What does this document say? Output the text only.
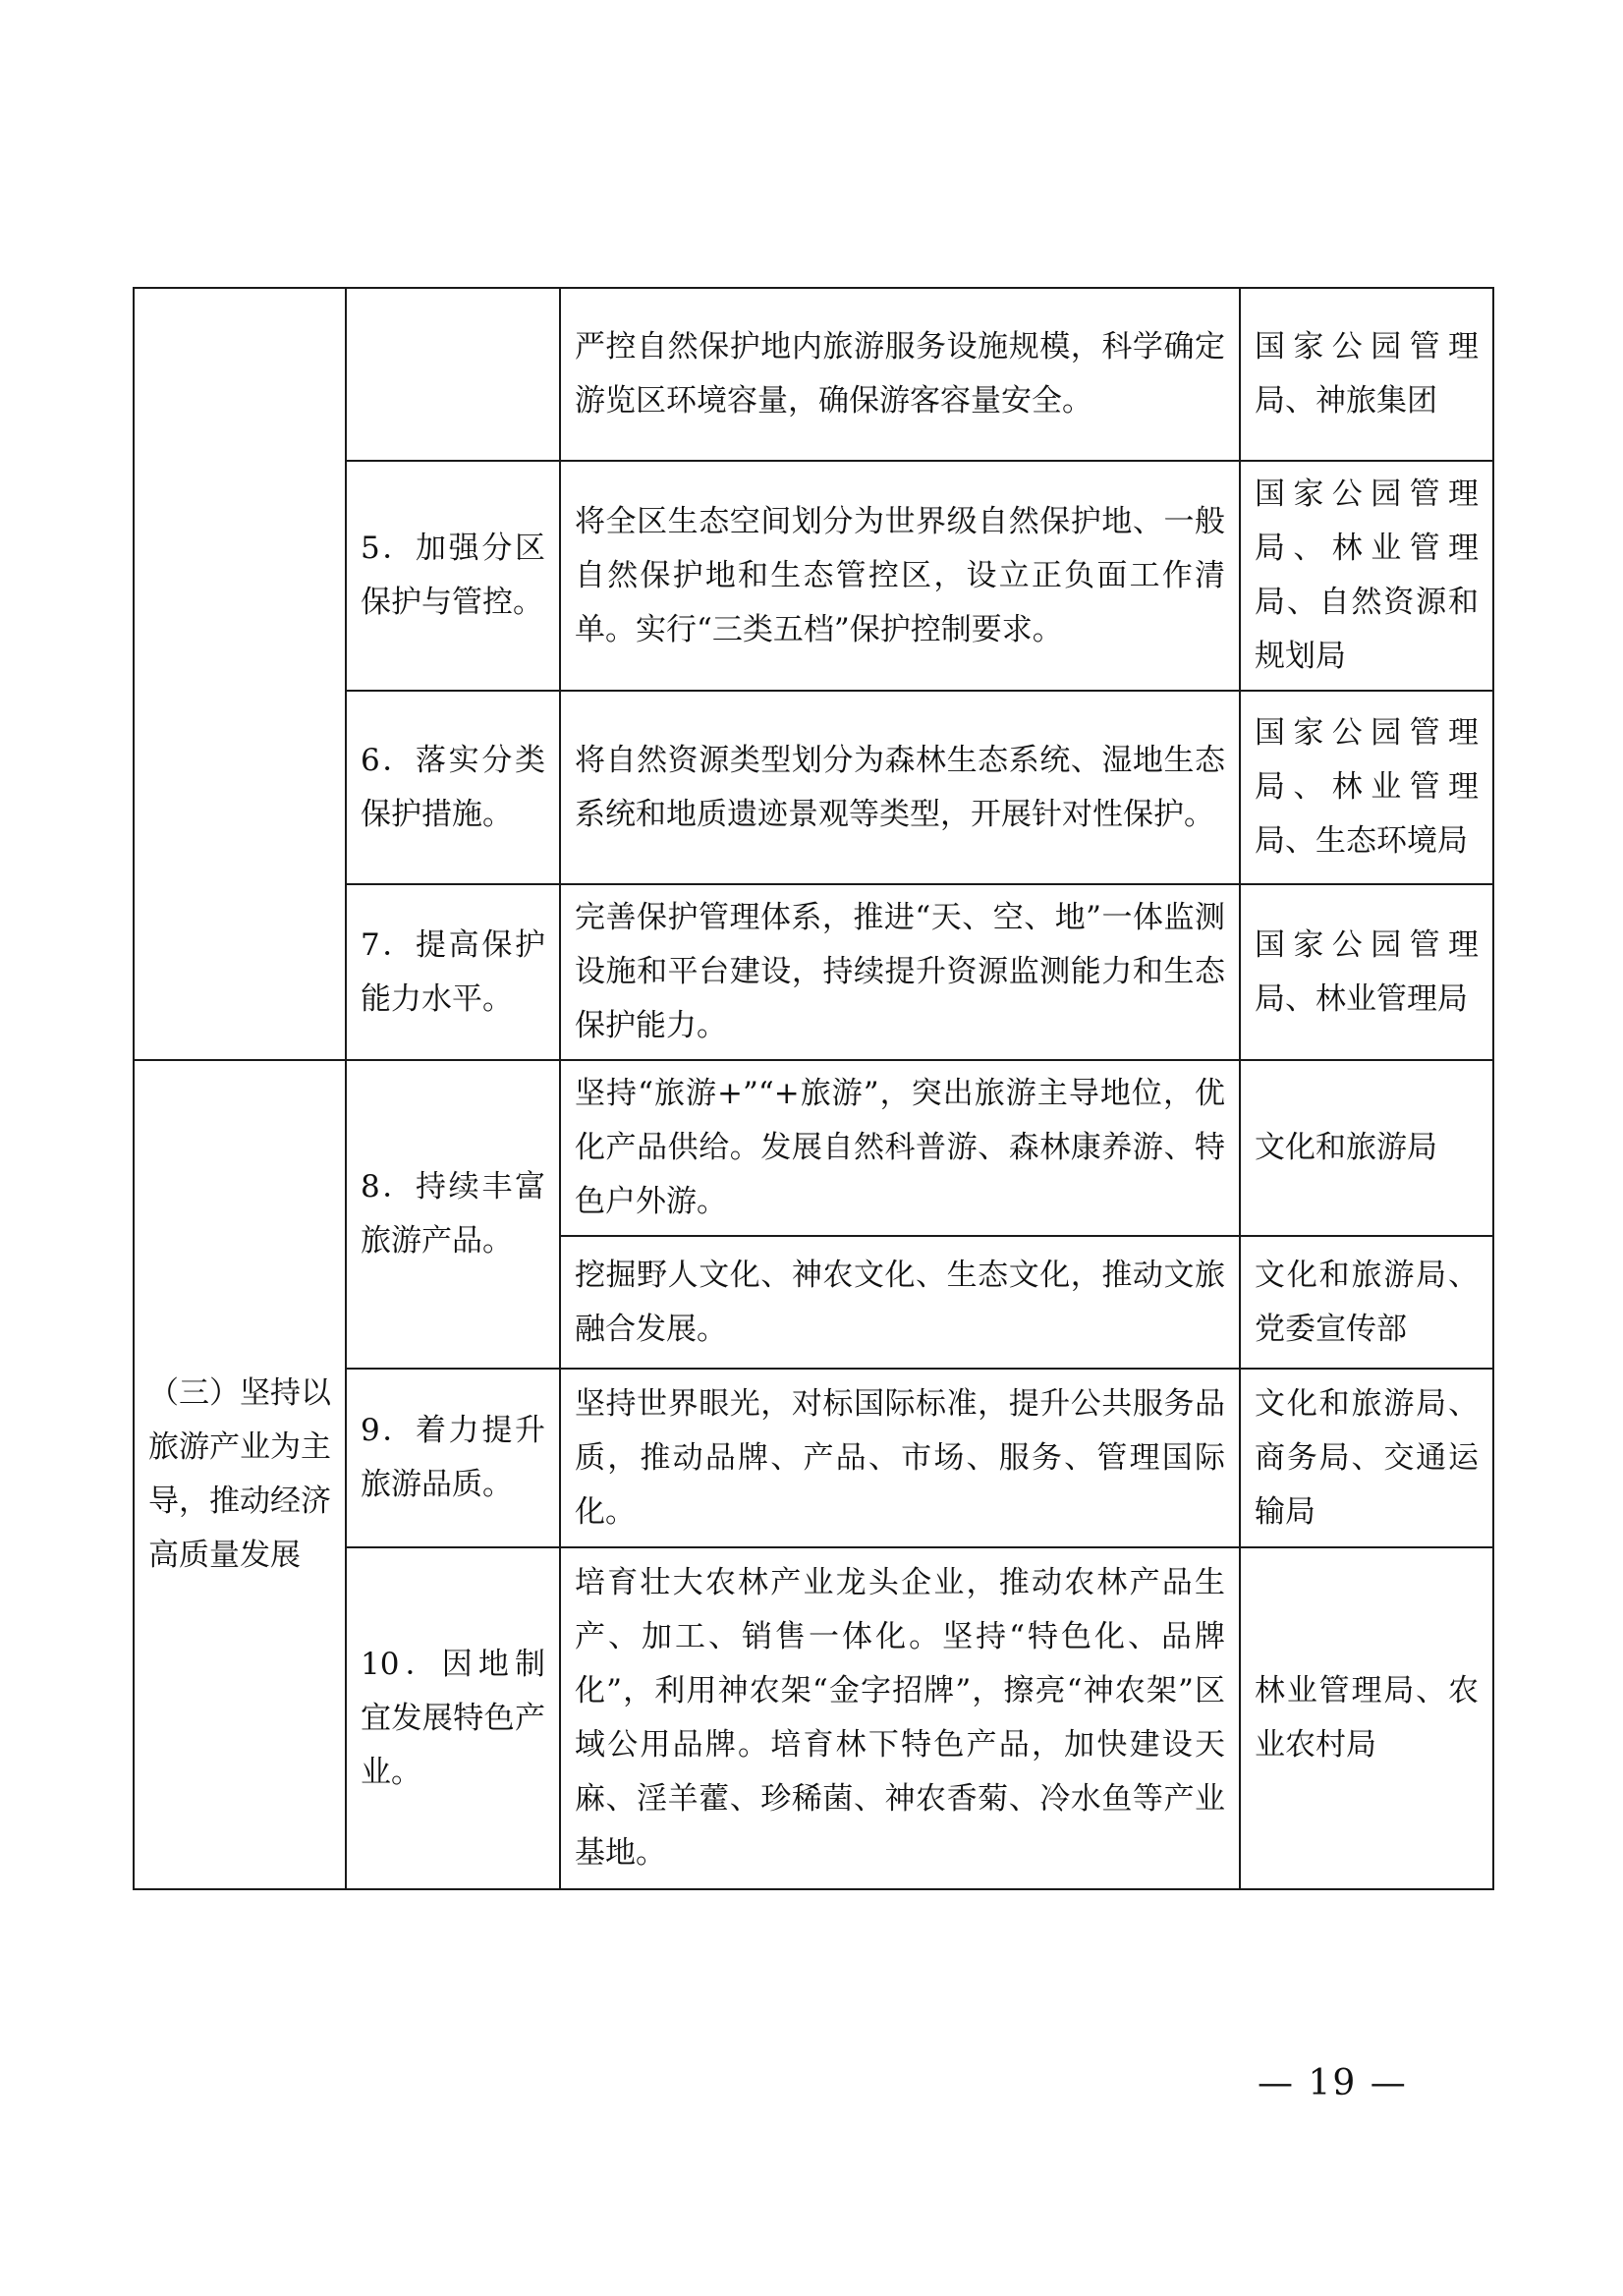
		严控自然保护地内旅游服务设施规模，科学确定游览区环境容量，确保游客容量安全。	国家公园管理局、神旅集团
	5．加强分区保护与管控。	将全区生态空间划分为世界级自然保护地、一般自然保护地和生态管控区，设立正负面工作清单。实行“三类五档”保护控制要求。	国家公园管理局、林业管理局、自然资源和规划局
	6．落实分类保护措施。	将自然资源类型划分为森林生态系统、湿地生态系统和地质遗迹景观等类型，开展针对性保护。	国家公园管理局、林业管理局、生态环境局
	7．提高保护能力水平。	完善保护管理体系，推进“天、空、地”一体监测设施和平台建设，持续提升资源监测能力和生态保护能力。	国家公园管理局、林业管理局
（三）坚持以旅游产业为主导，推动经济高质量发展	8．持续丰富旅游产品。	坚持“旅游+”“+旅游”，突出旅游主导地位，优化产品供给。发展自然科普游、森林康养游、特色户外游。	文化和旅游局
		挖掘野人文化、神农文化、生态文化，推动文旅融合发展。	文化和旅游局、党委宣传部
	9．着力提升旅游品质。	坚持世界眼光，对标国际标准，提升公共服务品质，推动品牌、产品、市场、服务、管理国际化。	文化和旅游局、商务局、交通运输局
	10．因地制宜发展特色产业。	培育壮大农林产业龙头企业，推动农林产品生产、加工、销售一体化。坚持“特色化、品牌化”，利用神农架“金字招牌”，擦亮“神农架”区域公用品牌。培育林下特色产品，加快建设天麻、淫羊藿、珍稀菌、神农香菊、冷水鱼等产业基地。	林业管理局、农业农村局
— 19 —
